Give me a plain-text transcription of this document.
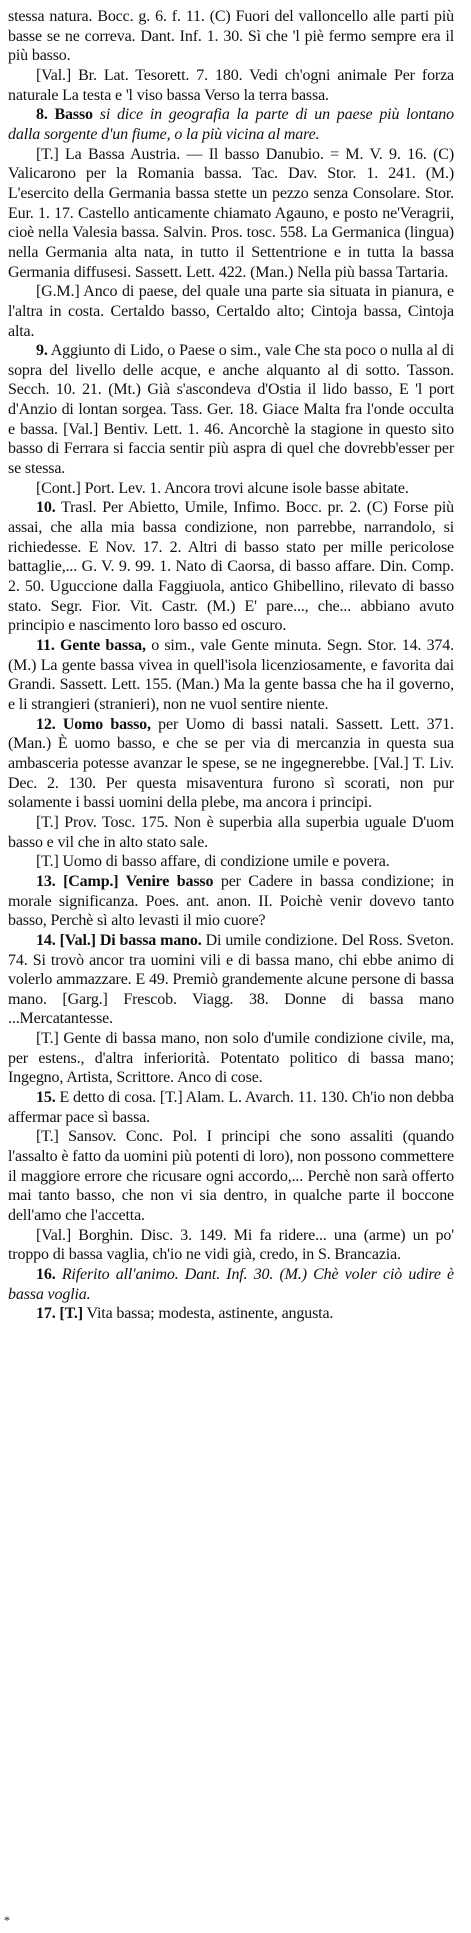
stessa natura. Bocc. g. 6. f. 11. (C) Fuori del valloncello alle parti più basse se ne correva. Dant. Inf. 1. 30. Sì che 'l piè fermo sempre era il più basso.

[Val.] Br. Lat. Tesorett. 7. 180. Vedi ch'ogni animale Per forza naturale La testa e 'l viso bassa Verso la terra bassa.

8. Basso si dice in geografia la parte di un paese più lontano dalla sorgente d'un fiume, o la più vicina al mare.

[T.] La Bassa Austria. — Il basso Danubio. = M. V. 9. 16. (C) Valicarono per la Romania bassa. Tac. Dav. Stor. 1. 241. (M.) L'esercito della Germania bassa stette un pezzo senza Consolare. Stor. Eur. 1. 17. Castello anticamente chiamato Agauno, e posto ne'Veragrii, cioè nella Valesia bassa. Salvin. Pros. tosc. 558. La Germanica (lingua) nella Germania alta nata, in tutto il Settentrione e in tutta la bassa Germania diffusesi. Sassett. Lett. 422. (Man.) Nella più bassa Tartaria.

[G.M.] Anco di paese, del quale una parte sia situata in pianura, e l'altra in costa. Certaldo basso, Certaldo alto; Cintoja bassa, Cintoja alta.

9. Aggiunto di Lido, o Paese o sim., vale Che sta poco o nulla al di sopra del livello delle acque, e anche alquanto al di sotto. Tasson. Secch. 10. 21. (Mt.) Già s'ascondeva d'Ostia il lido basso, E 'l port d'Anzio di lontan sorgea. Tass. Ger. 18. Giace Malta fra l'onde occulta e bassa. [Val.] Bentiv. Lett. 1. 46. Ancorchè la stagione in questo sito basso di Ferrara si faccia sentir più aspra di quel che dovrebb'esser per se stessa.

[Cont.] Port. Lev. 1. Ancora trovi alcune isole basse abitate.

10. Trasl. Per Abietto, Umile, Infimo. Bocc. pr. 2. (C) Forse più assai, che alla mia bassa condizione, non parrebbe, narrandolo, si richiedesse. E Nov. 17. 2. Altri di basso stato per mille pericolose battaglie,... G. V. 9. 99. 1. Nato di Caorsa, di basso affare. Din. Comp. 2. 50. Uguccione dalla Faggiuola, antico Ghibellino, rilevato di basso stato. Segr. Fior. Vit. Castr. (M.) E' pare..., che... abbiano avuto principio e nascimento loro basso ed oscuro.

11. Gente bassa, o sim., vale Gente minuta. Segn. Stor. 14. 374. (M.) La gente bassa vivea in quell'isola licenziosamente, e favorita dai Grandi. Sassett. Lett. 155. (Man.) Ma la gente bassa che ha il governo, e li strangieri (stranieri), non ne vuol sentire niente.

12. Uomo basso, per Uomo di bassi natali. Sassett. Lett. 371. (Man.) È uomo basso, e che se per via di mercanzia in questa sua ambasceria potesse avanzar le spese, se ne ingegnerebbe. [Val.] T. Liv. Dec. 2. 130. Per questa misaventura furono sì scorati, non pur solamente i bassi uomini della plebe, ma ancora i principi.

[T.] Prov. Tosc. 175. Non è superbia alla superbia uguale D'uom basso e vil che in alto stato sale.

[T.] Uomo di basso affare, di condizione umile e povera.

13. [Camp.] Venire basso per Cadere in bassa condizione; in morale significanza. Poes. ant. anon. II. Poichè venir dovevo tanto basso, Perchè sì alto levasti il mio cuore?

14. [Val.] Di bassa mano. Di umile condizione. Del Ross. Sveton. 74. Si trovò ancor tra uomini vili e di bassa mano, chi ebbe animo di volerlo ammazzare. E 49. Premiò grandemente alcune persone di bassa mano. [Garg.] Frescob. Viagg. 38. Donne di bassa mano ...Mercatantesse.

[T.] Gente di bassa mano, non solo d'umile condizione civile, ma, per estens., d'altra inferiorità. Potentato politico di bassa mano; Ingegno, Artista, Scrittore. Anco di cose.

15. E detto di cosa. [T.] Alam. L. Avarch. 11. 130. Ch'io non debba affermar pace sì bassa.

[T.] Sansov. Conc. Pol. I principi che sono assaliti (quando l'assalto è fatto da uomini più potenti di loro), non possono commettere il maggiore errore che ricusare ogni accordo,... Perchè non sarà offerto mai tanto basso, che non vi sia dentro, in qualche parte il boccone dell'amo che l'accetta.

[Val.] Borghin. Disc. 3. 149. Mi fa ridere... una (arme) un po' troppo di bassa vaglia, ch'io ne vidi già, credo, in S. Brancazia.

16. Riferito all'animo. Dant. Inf. 30. (M.) Chè voler ciò udire è bassa voglia.

17. [T.] Vita bassa; modesta, astinente, angusta.

*
